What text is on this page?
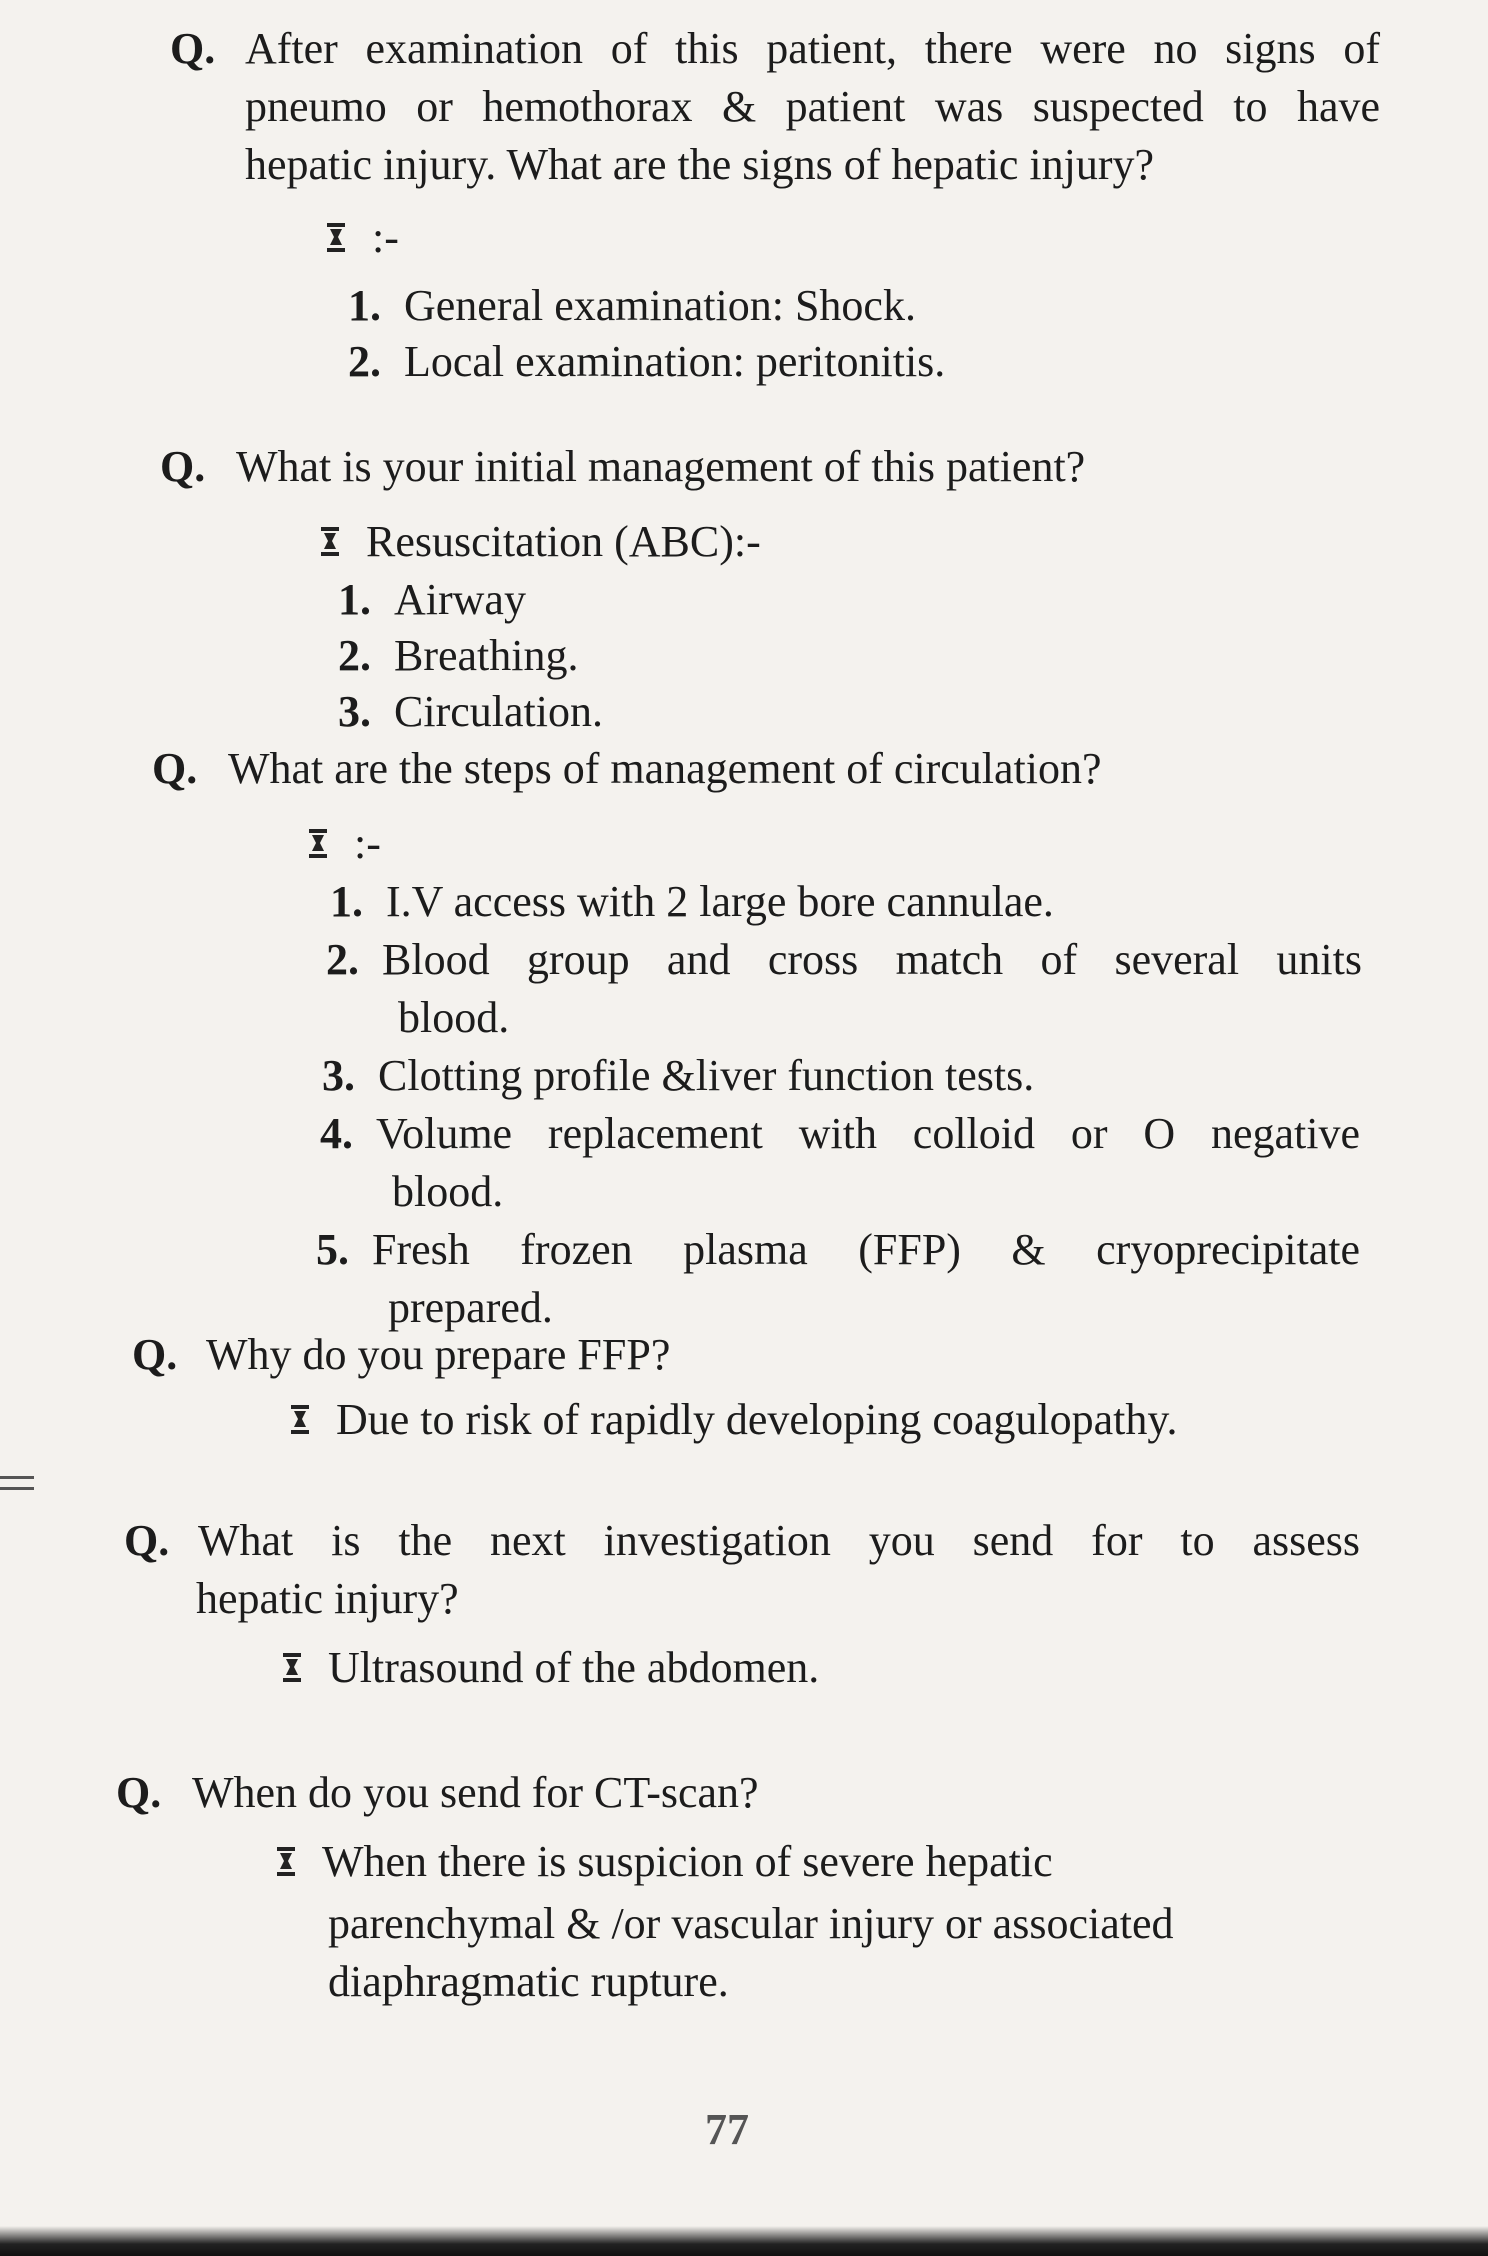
Q. After examination of this patient, there were no signs of
pneumo or hemothorax & patient was suspected to have
hepatic injury. What are the signs of hepatic injury?
:-
1. General examination: Shock.
2. Local examination: peritonitis.
Q. What is your initial management of this patient?
Resuscitation (ABC):-
1. Airway
2. Breathing.
3. Circulation.
Q. What are the steps of management of circulation?
:-
1. I.V access with 2 large bore cannulae.
2. Blood group and cross match of several units
blood.
3. Clotting profile &liver function tests.
4. Volume replacement with colloid or O negative
blood.
5. Fresh frozen plasma (FFP) & cryoprecipitate
prepared.
Q. Why do you prepare FFP?
Due to risk of rapidly developing coagulopathy.
Q. What is the next investigation you send for to assess
hepatic injury?
Ultrasound of the abdomen.
Q. When do you send for CT-scan?
When there is suspicion of severe hepatic
parenchymal & /or vascular injury or associated
diaphragmatic rupture.
77
